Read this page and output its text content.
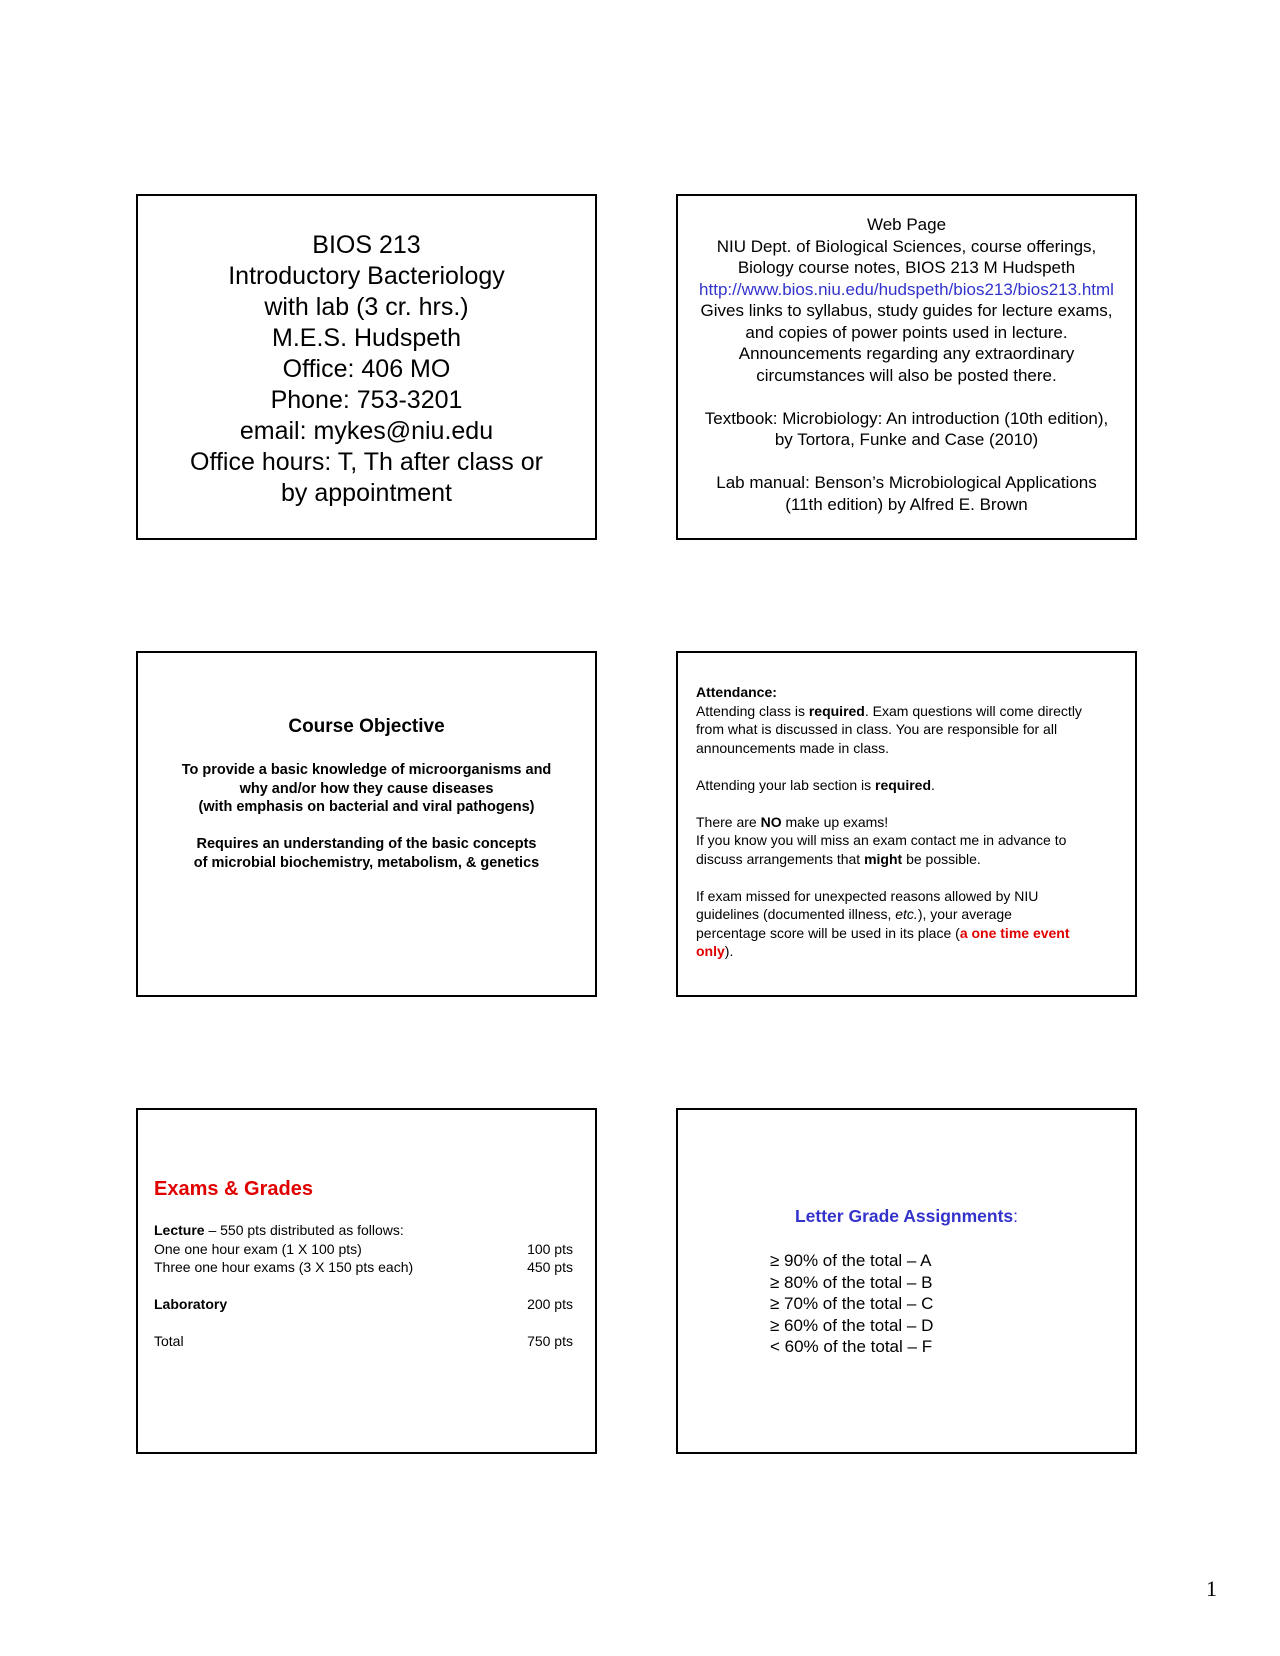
BIOS 213
Introductory Bacteriology
with lab (3 cr. hrs.)
M.E.S. Hudspeth
Office: 406 MO
Phone: 753-3201
email: mykes@niu.edu
Office hours: T, Th after class or
by appointment
Web Page
NIU Dept. of Biological Sciences, course offerings,
Biology course notes, BIOS 213 M Hudspeth
http://www.bios.niu.edu/hudspeth/bios213/bios213.html
Gives links to syllabus, study guides for lecture exams,
and copies of power points used in lecture.
Announcements regarding any extraordinary
circumstances will also be posted there.
Textbook: Microbiology: An introduction (10th edition),
by Tortora, Funke and Case (2010)
Lab manual: Benson’s Microbiological Applications
(11th edition) by Alfred E. Brown
Course Objective
To provide a basic knowledge of microorganisms and
why and/or how they cause diseases
(with emphasis on bacterial and viral pathogens)
Requires an understanding of the basic concepts
of microbial biochemistry, metabolism, & genetics
Attendance:
Attending class is required. Exam questions will come directly
from what is discussed in class. You are responsible for all
announcements made in class.
Attending your lab section is required.
There are NO make up exams!
If you know you will miss an exam contact me in advance to
discuss arrangements that might be possible.
If exam missed for unexpected reasons allowed by NIU
guidelines (documented illness, etc.), your average
percentage score will be used in its place (a one time event
only).
Exams & Grades
Lecture – 550 pts distributed as follows:
One one hour exam (1 X 100 pts)	100 pts
Three one hour exams (3 X 150 pts each)	450 pts
Laboratory	200 pts
Total	750 pts
Letter Grade Assignments:
≥ 90% of the total – A
≥ 80% of the total – B
≥ 70% of the total – C
≥ 60% of the total – D
< 60% of the total – F
1
